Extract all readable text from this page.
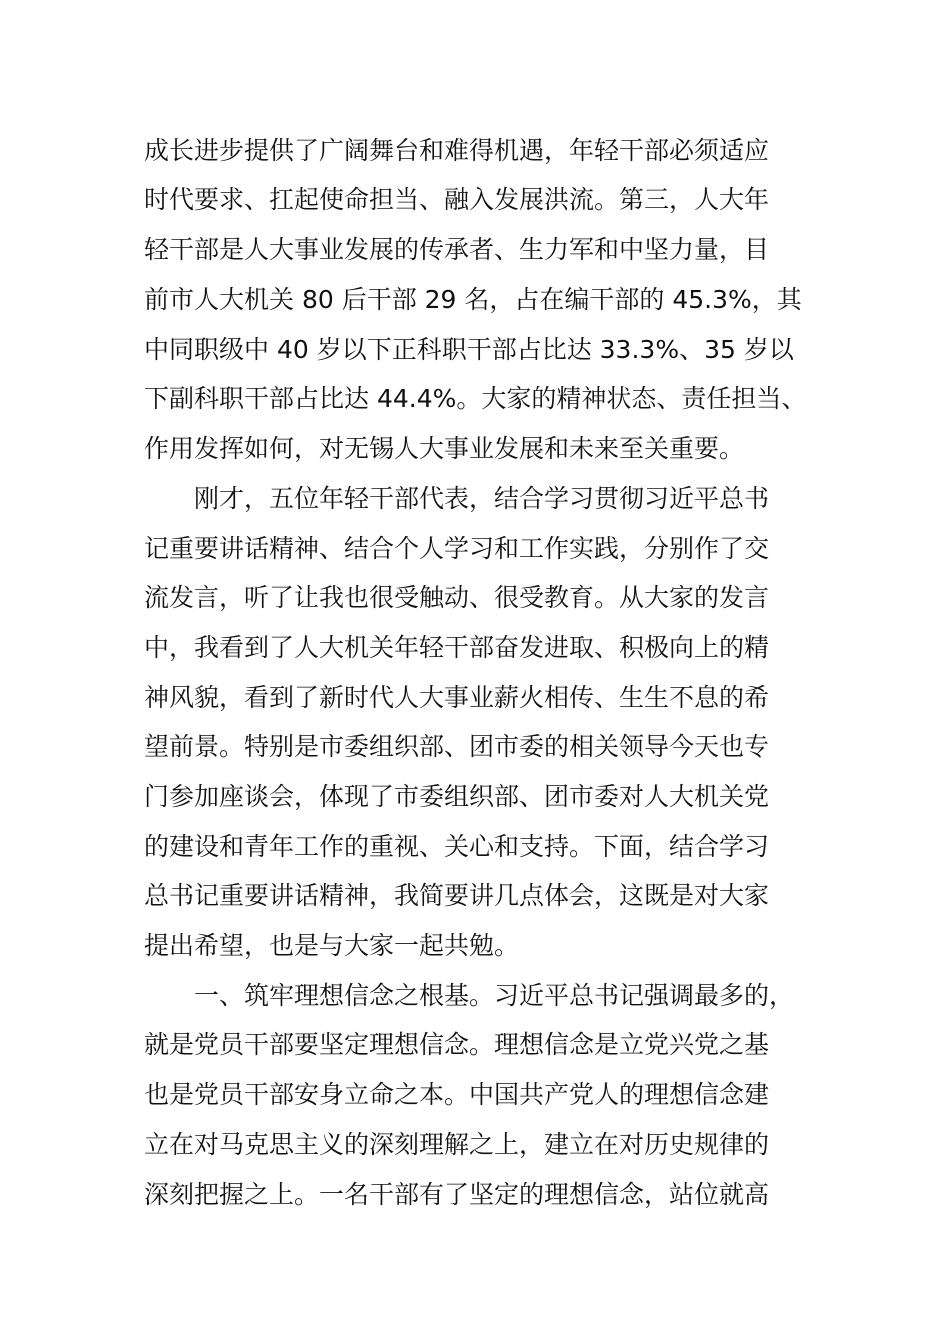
成长进步提供了广阔舞台和难得机遇，年轻干部必须适应
时代要求、扛起使命担当、融入发展洪流。第三，人大年
轻干部是人大事业发展的传承者、生力军和中坚力量，目
前市人大机关 80 后干部 29 名，占在编干部的 45.3%，其
中同职级中 40 岁以下正科职干部占比达 33.3%、35 岁以
下副科职干部占比达 44.4%。大家的精神状态、责任担当、
作用发挥如何，对无锡人大事业发展和未来至关重要。
　　刚才，五位年轻干部代表，结合学习贯彻习近平总书
记重要讲话精神、结合个人学习和工作实践，分别作了交
流发言，听了让我也很受触动、很受教育。从大家的发言
中，我看到了人大机关年轻干部奋发进取、积极向上的精
神风貌，看到了新时代人大事业薪火相传、生生不息的希
望前景。特别是市委组织部、团市委的相关领导今天也专
门参加座谈会，体现了市委组织部、团市委对人大机关党
的建设和青年工作的重视、关心和支持。下面，结合学习
总书记重要讲话精神，我简要讲几点体会，这既是对大家
提出希望，也是与大家一起共勉。
　　一、筑牢理想信念之根基。习近平总书记强调最多的，
就是党员干部要坚定理想信念。理想信念是立党兴党之基
也是党员干部安身立命之本。中国共产党人的理想信念建
立在对马克思主义的深刻理解之上，建立在对历史规律的
深刻把握之上。一名干部有了坚定的理想信念，站位就高
